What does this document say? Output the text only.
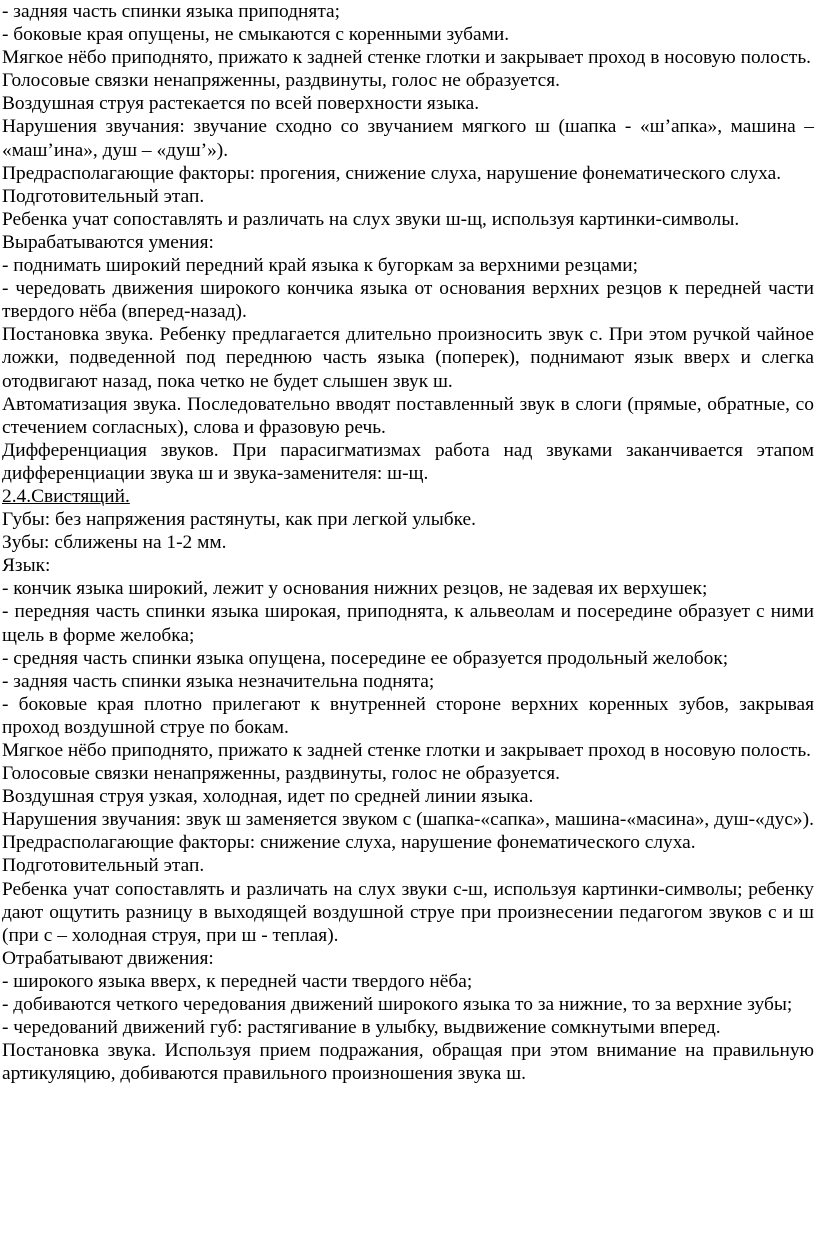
- задняя часть спинки языка приподнята;

- боковые края опущены, не смыкаются с коренными зубами.

Мягкое нёбо приподнято, прижато к задней стенке глотки и закрывает проход в носовую полость.

Голосовые связки ненапряженны, раздвинуты, голос не образуется.

Воздушная струя растекается по всей поверхности языка.

Нарушения звучания: звучание сходно со звучанием мягкого ш (шапка - «ш’апка», машина – «маш’ина», душ – «душ’»).

Предрасполагающие факторы: прогения, снижение слуха, нарушение фонематического слуха.

Подготовительный этап.

Ребенка учат сопоставлять и различать на слух звуки ш-щ, используя картинки-символы.

Вырабатываются умения:

- поднимать широкий передний край языка к бугоркам за верхними резцами;

- чередовать движения широкого кончика языка от основания верхних резцов к передней части твердого нёба (вперед-назад).

Постановка звука. Ребенку предлагается длительно произносить звук с. При этом ручкой чайное ложки, подведенной под переднюю часть языка (поперек), поднимают язык вверх и слегка отодвигают назад, пока четко не будет слышен звук ш.

Автоматизация звука. Последовательно вводят поставленный звук в слоги (прямые, обратные, со стечением согласных), слова и фразовую речь.

Дифференциация звуков. При парасигматизмах работа над звуками заканчивается этапом дифференциации звука ш и звука-заменителя: ш-щ.

2.4.Свистящий.

Губы: без напряжения растянуты, как при легкой улыбке.

Зубы: сближены на 1-2 мм.

Язык:

- кончик языка широкий, лежит у основания нижних резцов, не задевая их верхушек;

- передняя часть спинки языка широкая, приподнята, к альвеолам и посередине образует с ними щель в форме желобка;

- средняя часть спинки языка опущена, посередине ее образуется продольный желобок;

- задняя часть спинки языка незначительна поднята;

- боковые края плотно прилегают к внутренней стороне верхних коренных зубов, закрывая проход воздушной струе по бокам.

Мягкое нёбо приподнято, прижато к задней стенке глотки и закрывает проход в носовую полость.

Голосовые связки ненапряженны, раздвинуты, голос не образуется.

Воздушная струя узкая, холодная, идет по средней линии языка.

Нарушения звучания: звук ш заменяется звуком с (шапка-«сапка», машина-«масина», душ-«дус»).

Предрасполагающие факторы: снижение слуха, нарушение фонематического слуха.

Подготовительный этап.

Ребенка учат сопоставлять и различать на слух звуки с-ш, используя картинки-символы; ребенку дают ощутить разницу в выходящей воздушной струе при произнесении педагогом звуков с и ш (при с – холодная струя, при ш - теплая).

Отрабатывают движения:

- широкого языка вверх, к передней части твердого нёба;

- добиваются четкого чередования движений широкого языка то за нижние, то за верхние зубы;

- чередований движений губ: растягивание в улыбку, выдвижение сомкнутыми вперед.

Постановка звука. Используя прием подражания, обращая при этом внимание на правильную артикуляцию, добиваются правильного произношения звука ш.
